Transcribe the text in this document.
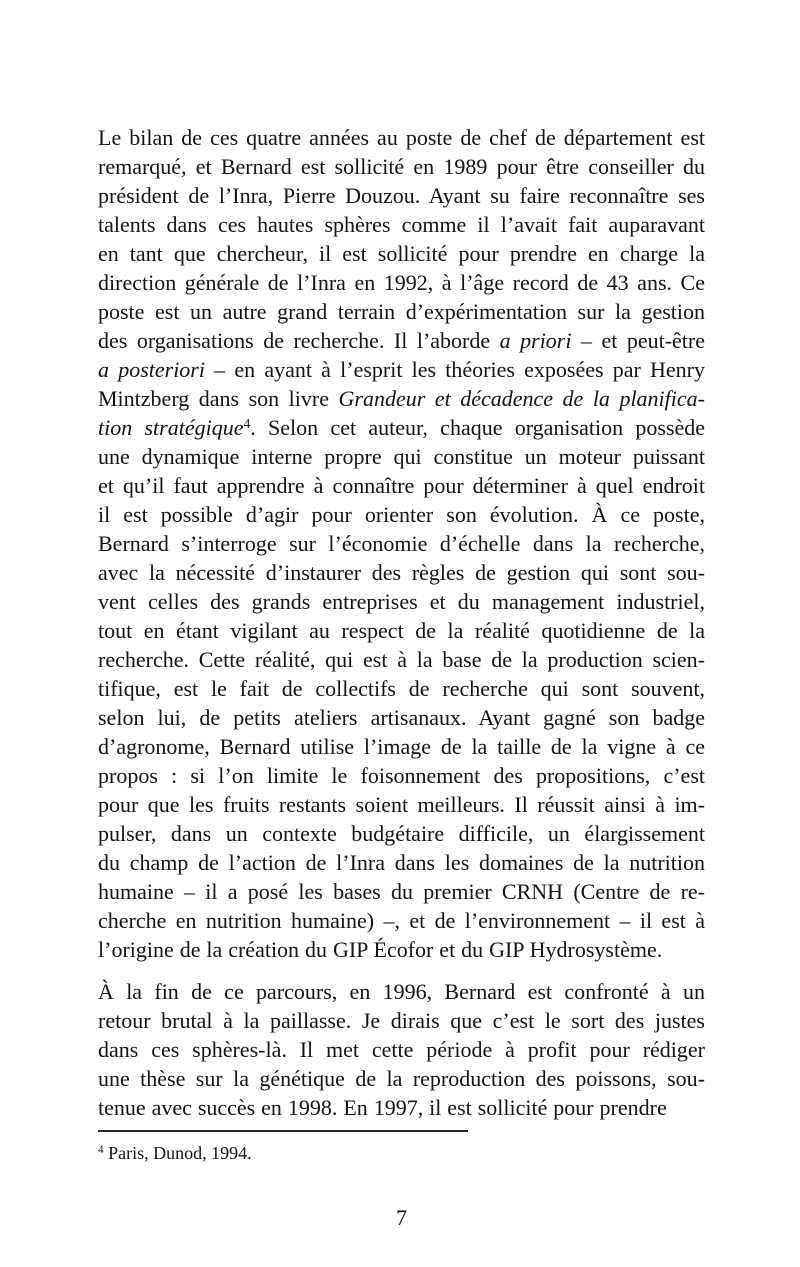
Le bilan de ces quatre années au poste de chef de département est
remarqué, et Bernard est sollicité en 1989 pour être conseiller du
président de l’Inra, Pierre Douzou. Ayant su faire reconnaître ses
talents dans ces hautes sphères comme il l’avait fait auparavant
en tant que chercheur, il est sollicité pour prendre en charge la
direction générale de l’Inra en 1992, à l’âge record de 43 ans. Ce
poste est un autre grand terrain d’expérimentation sur la gestion
des organisations de recherche. Il l’aborde a priori – et peut-être
a posteriori – en ayant à l’esprit les théories exposées par Henry
Mintzberg dans son livre Grandeur et décadence de la planifica-
tion stratégique$^4$. Selon cet auteur, chaque organisation possède
une dynamique interne propre qui constitue un moteur puissant
et qu’il faut apprendre à connaître pour déterminer à quel endroit
il est possible d’agir pour orienter son évolution. À ce poste,
Bernard s’interroge sur l’économie d’échelle dans la recherche,
avec la nécessité d’instaurer des règles de gestion qui sont sou-
vent celles des grands entreprises et du management industriel,
tout en étant vigilant au respect de la réalité quotidienne de la
recherche. Cette réalité, qui est à la base de la production scien-
tifique, est le fait de collectifs de recherche qui sont souvent,
selon lui, de petits ateliers artisanaux. Ayant gagné son badge
d’agronome, Bernard utilise l’image de la taille de la vigne à ce
propos : si l’on limite le foisonnement des propositions, c’est
pour que les fruits restants soient meilleurs. Il réussit ainsi à im-
pulser, dans un contexte budgétaire difficile, un élargissement
du champ de l’action de l’Inra dans les domaines de la nutrition
humaine – il a posé les bases du premier CRNH (Centre de re-
cherche en nutrition humaine) –, et de l’environnement – il est à
l’origine de la création du GIP Écofor et du GIP Hydrosystème.
À la fin de ce parcours, en 1996, Bernard est confronté à un
retour brutal à la paillasse. Je dirais que c’est le sort des justes
dans ces sphères-là. Il met cette période à profit pour rédiger
une thèse sur la génétique de la reproduction des poissons, sou-
tenue avec succès en 1998. En 1997, il est sollicité pour prendre
$^4$ Paris, Dunod, 1994.
7
